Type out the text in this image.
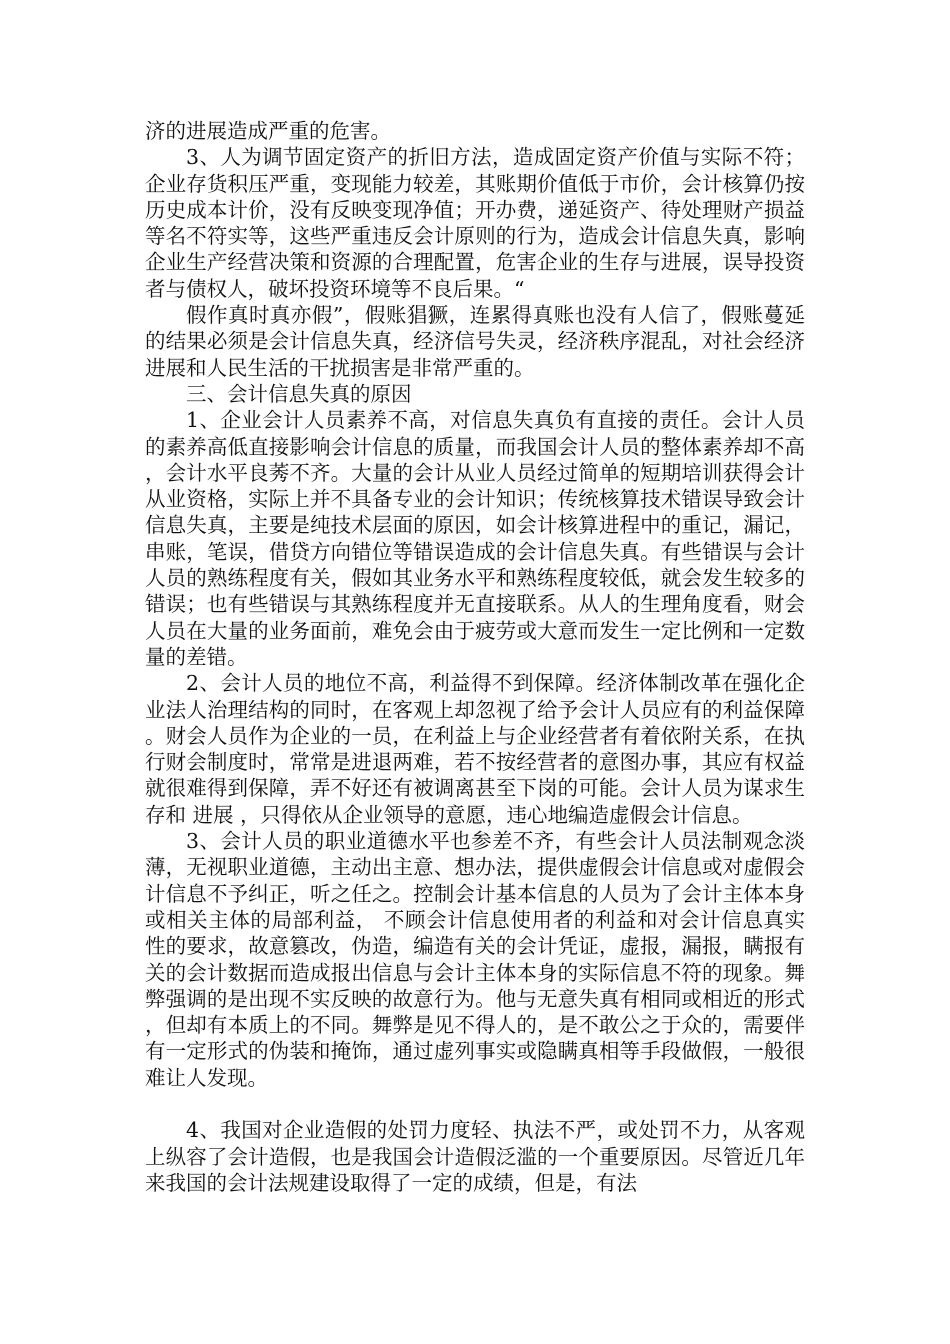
济的进展造成严重的危害。

3、人为调节固定资产的折旧方法，造成固定资产价值与实际不符；企业存货积压严重，变现能力较差，其账期价值低于市价，会计核算仍按历史成本计价，没有反映变现净值；开办费，递延资产、待处理财产损益等名不符实等，这些严重违反会计原则的行为，造成会计信息失真，影响企业生产经营决策和资源的合理配置，危害企业的生存与进展，误导投资者与债权人，破坏投资环境等不良后果。“

假作真时真亦假”，假账猖獗，连累得真账也没有人信了，假账蔓延的结果必须是会计信息失真，经济信号失灵，经济秩序混乱，对社会经济进展和人民生活的干扰损害是非常严重的。

三、会计信息失真的原因

1、企业会计人员素养不高，对信息失真负有直接的责任。会计人员的素养高低直接影响会计信息的质量，而我国会计人员的整体素养却不高，会计水平良莠不齐。大量的会计从业人员经过简单的短期培训获得会计从业资格，实际上并不具备专业的会计知识；传统核算技术错误导致会计信息失真，主要是纯技术层面的原因，如会计核算进程中的重记，漏记，串账，笔误，借贷方向错位等错误造成的会计信息失真。有些错误与会计人员的熟练程度有关，假如其业务水平和熟练程度较低，就会发生较多的错误；也有些错误与其熟练程度并无直接联系。从人的生理角度看，财会人员在大量的业务面前，难免会由于疲劳或大意而发生一定比例和一定数量的差错。

2、会计人员的地位不高，利益得不到保障。经济体制改革在强化企业法人治理结构的同时，在客观上却忽视了给予会计人员应有的利益保障。财会人员作为企业的一员，在利益上与企业经营者有着依附关系，在执行财会制度时，常常是进退两难，若不按经营者的意图办事，其应有权益就很难得到保障，弄不好还有被调离甚至下岗的可能。会计人员为谋求生存和 进展 ，只得依从企业领导的意愿，违心地编造虚假会计信息。

3、会计人员的职业道德水平也参差不齐，有些会计人员法制观念淡薄，无视职业道德，主动出主意、想办法，提供虚假会计信息或对虚假会计信息不予纠正，听之任之。控制会计基本信息的人员为了会计主体本身或相关主体的局部利益， 不顾会计信息使用者的利益和对会计信息真实性的要求，故意篡改，伪造，编造有关的会计凭证，虚报，漏报，瞒报有关的会计数据而造成报出信息与会计主体本身的实际信息不符的现象。舞弊强调的是出现不实反映的故意行为。他与无意失真有相同或相近的形式，但却有本质上的不同。舞弊是见不得人的，是不敢公之于众的，需要伴有一定形式的伪装和掩饰，通过虚列事实或隐瞒真相等手段做假，一般很难让人发现。

4、我国对企业造假的处罚力度轻、执法不严，或处罚不力，从客观上纵容了会计造假，也是我国会计造假泛滥的一个重要原因。尽管近几年来我国的会计法规建设取得了一定的成绩，但是，有法
